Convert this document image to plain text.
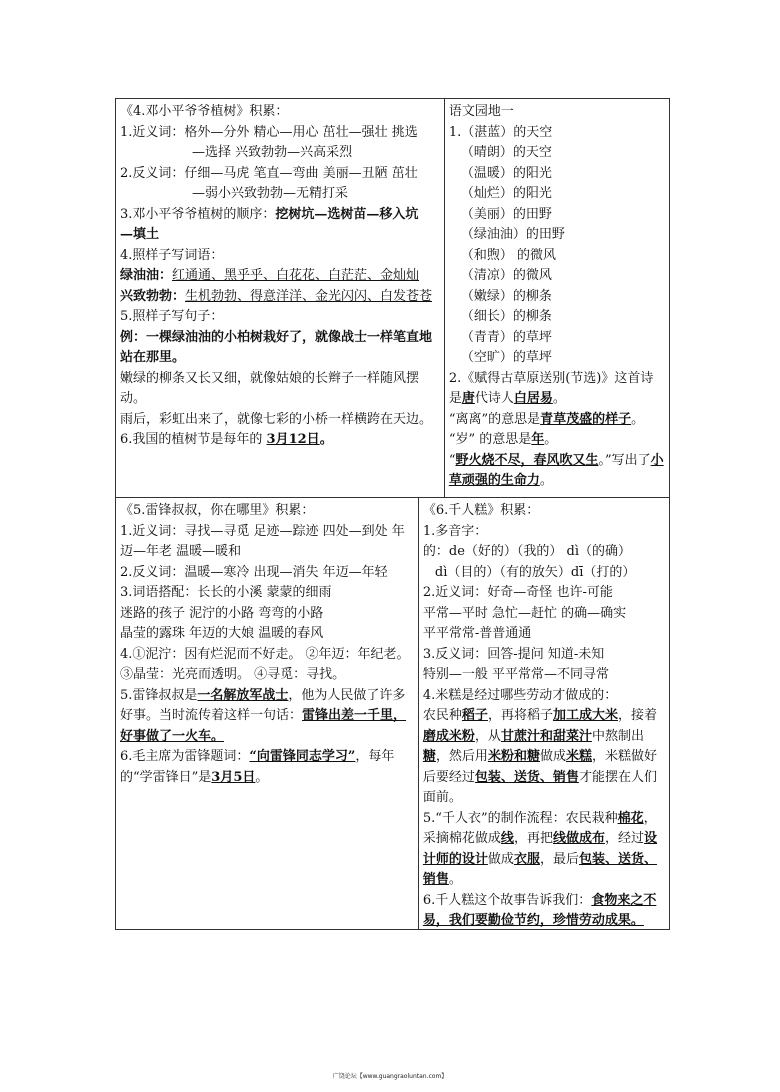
《4.邓小平爷爷植树》积累：
1.近义词：格外—分外 精心—用心 茁壮—强壮 挑选
—选择 兴致勃勃—兴高采烈
2.反义词：仔细—马虎 笔直—弯曲 美丽—丑陋 茁壮
—弱小兴致勃勃—无精打采
3.邓小平爷爷植树的顺序：挖树坑—选树苗—移入坑
—填土
4.照样子写词语：
绿油油：红通通、黑乎乎、白花花、白茫茫、金灿灿
兴致勃勃：生机勃勃、得意洋洋、金光闪闪、白发苍苍
5.照样子写句子：
例：一棵绿油油的小柏树栽好了，就像战士一样笔直地站在那里。
嫩绿的柳条又长又细，就像姑娘的长辫子一样随风摆动。
雨后，彩虹出来了，就像七彩的小桥一样横跨在天边。
6.我国的植树节是每年的 3月12日。
语文园地一
1.（湛蓝）的天空
（晴朗）的天空
（温暖）的阳光
（灿烂）的阳光
（美丽）的田野
（绿油油）的田野
（和煦） 的微风
（清凉）的微风
（嫩绿）的柳条
（细长）的柳条
（青青）的草坪
（空旷）的草坪
2.《赋得古草原送别(节选)》这首诗是唐代诗人白居易。
“离离”的意思是青草茂盛的样子。
“岁” 的意思是年。
“野火烧不尽，春风吹又生。”写出了小草顽强的生命力。
《5.雷锋叔叔，你在哪里》积累：
1.近义词：寻找—寻觅 足迹—踪迹 四处—到处 年迈—年老 温暖—暖和
2.反义词：温暖—寒冷 出现—消失 年迈—年轻
3.词语搭配：长长的小溪 蒙蒙的细雨
迷路的孩子 泥泞的小路 弯弯的小路
晶莹的露珠 年迈的大娘 温暖的春风
4.①泥泞：因有烂泥而不好走。 ②年迈：年纪老。
③晶莹：光亮而透明。 ④寻觅：寻找。
5.雷锋叔叔是一名解放军战士，他为人民做了许多好事。当时流传着这样一句话：雷锋出差一千里，好事做了一火车。
6.毛主席为雷锋题词：“向雷锋同志学习”，每年的“学雷锋日”是3月5日。
《6.千人糕》积累：
1.多音字：
的：de（好的）（我的） dì（的确）
dì（目的）（有的放矢）dī（打的）
2.近义词：好奇—奇怪 也许-可能
平常—平时 急忙—赶忙 的确—确实
平平常常-普普通通
3.反义词：回答-提问 知道-未知
特别—一般 平平常常—不同寻常
4.米糕是经过哪些劳动才做成的：
农民种稻子，再将稻子加工成大米，接着磨成米粉，从甘蔗汁和甜菜汁中熬制出糖，然后用米粉和糖做成米糕，米糕做好后要经过包装、送货、销售才能摆在人们面前。
5.“千人衣”的制作流程：农民栽种棉花，采摘棉花做成线，再把线做成布，经过设计师的设计做成衣服，最后包装、送货、销售。
6.千人糕这个故事告诉我们：食物来之不易，我们要勤俭节约，珍惜劳动成果。
广饶论坛【www.guangraoluntan.com】
